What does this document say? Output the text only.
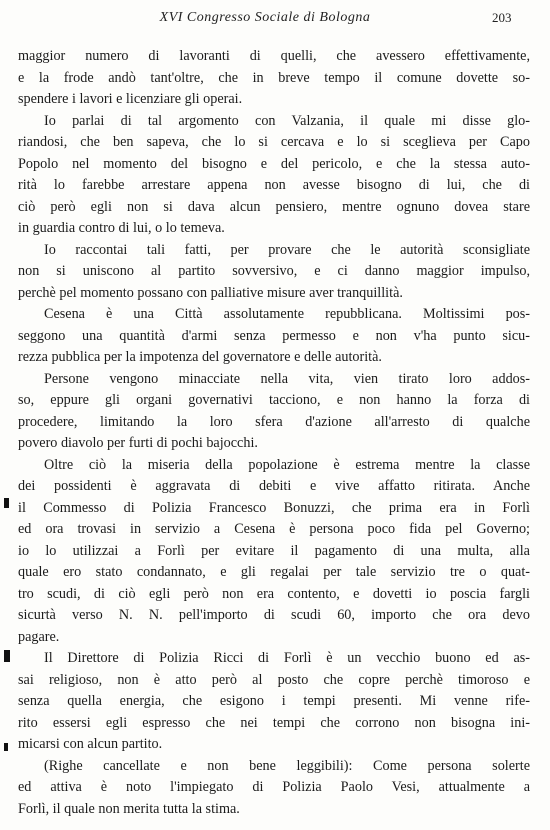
XVI Congresso Sociale di Bologna	203
maggior numero di lavoranti di quelli, che avessero effettivamente,
e la frode andò tant'oltre, che in breve tempo il comune dovette so-
spendere i lavori e licenziare gli operai.
Io parlai di tal argomento con Valzania, il quale mi disse glo-
riandosi, che ben sapeva, che lo si cercava e lo si sceglieva per Capo
Popolo nel momento del bisogno e del pericolo, e che la stessa auto-
rità lo farebbe arrestare appena non avesse bisogno di lui, che di
ciò però egli non si dava alcun pensiero, mentre ognuno dovea stare
in guardia contro di lui, o lo temeva.
Io raccontai tali fatti, per provare che le autorità sconsigliate
non si uniscono al partito sovversivo, e ci danno maggior impulso,
perchè pel momento possano con palliative misure aver tranquillità.
Cesena è una Città assolutamente repubblicana. Moltissimi pos-
seggono una quantità d'armi senza permesso e non v'ha punto sicu-
rezza pubblica per la impotenza del governatore e delle autorità.
Persone vengono minacciate nella vita, vien tirato loro addos-
so, eppure gli organi governativi tacciono, e non hanno la forza di
procedere, limitando la loro sfera d'azione all'arresto di qualche
povero diavolo per furti di pochi bajocchi.
Oltre ciò la miseria della popolazione è estrema mentre la classe
dei possidenti è aggravata di debiti e vive affatto ritirata. Anche
il Commesso di Polizia Francesco Bonuzzi, che prima era in Forlì
ed ora trovasi in servizio a Cesena è persona poco fida pel Governo;
io lo utilizzai a Forlì per evitare il pagamento di una multa, alla
quale ero stato condannato, e gli regalai per tale servizio tre o quat-
tro scudi, di ciò egli però non era contento, e dovetti io poscia fargli
sicurtà verso N. N. pell'importo di scudi 60, importo che ora devo
pagare.
Il Direttore di Polizia Ricci di Forlì è un vecchio buono ed as-
sai religioso, non è atto però al posto che copre perchè timoroso e
senza quella energia, che esigono i tempi presenti. Mi venne rife-
rito essersi egli espresso che nei tempi che corrono non bisogna ini-
micarsi con alcun partito.
(Righe cancellate e non bene leggibili): Come persona solerte
ed attiva è noto l'impiegato di Polizia Paolo Vesi, attualmente a
Forlì, il quale non merita tutta la stima.
